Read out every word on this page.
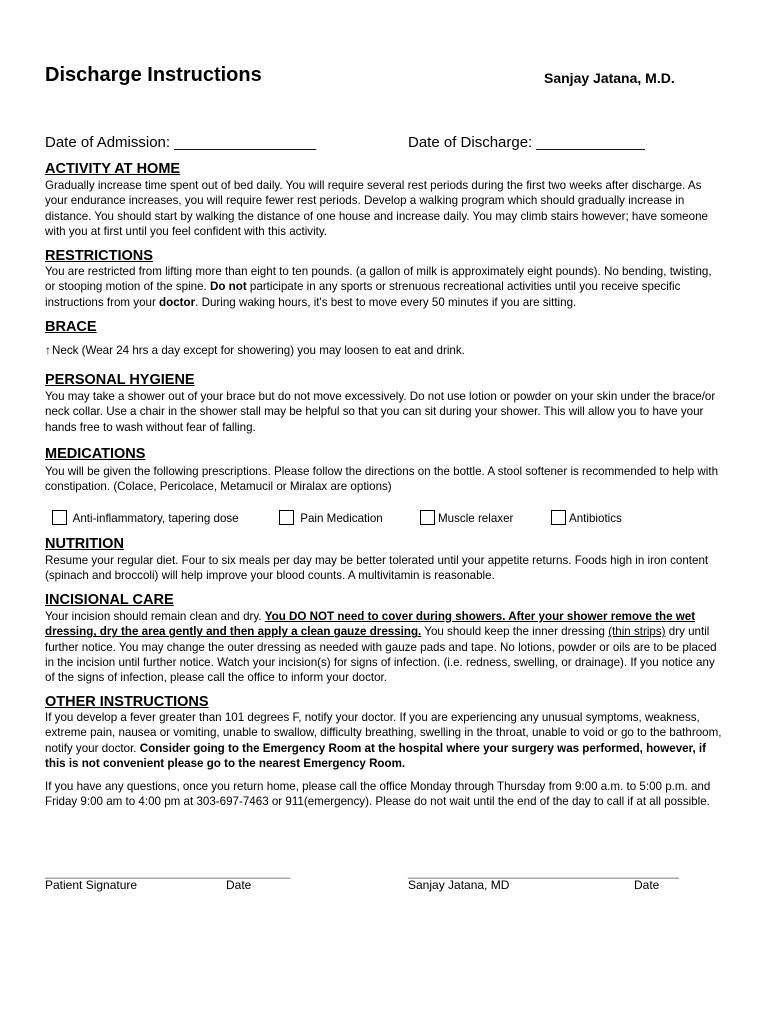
Discharge Instructions	Sanjay Jatana, M.D.
Date of Admission: _________________	Date of Discharge: _____________
ACTIVITY AT HOME
Gradually increase time spent out of bed daily. You will require several rest periods during the first two weeks after discharge. As your endurance increases, you will require fewer rest periods. Develop a walking program which should gradually increase in distance. You should start by walking the distance of one house and increase daily. You may climb stairs however; have someone with you at first until you feel confident with this activity.
RESTRICTIONS
You are restricted from lifting more than eight to ten pounds. (a gallon of milk is approximately eight pounds). No bending, twisting, or stooping motion of the spine. Do not participate in any sports or strenuous recreational activities until you receive specific instructions from your doctor. During waking hours, it's best to move every 50 minutes if you are sitting.
BRACE
↑Neck (Wear 24 hrs a day except for showering) you may loosen to eat and drink.
PERSONAL HYGIENE
You may take a shower out of your brace but do not move excessively. Do not use lotion or powder on your skin under the brace/or neck collar. Use a chair in the shower stall may be helpful so that you can sit during your shower. This will allow you to have your hands free to wash without fear of falling.
MEDICATIONS
You will be given the following prescriptions. Please follow the directions on the bottle. A stool softener is recommended to help with constipation. (Colace, Pericolace, Metamucil or Miralax are options)
Anti-inflammatory, tapering dose	Pain Medication	Muscle relaxer	Antibiotics
NUTRITION
Resume your regular diet. Four to six meals per day may be better tolerated until your appetite returns. Foods high in iron content (spinach and broccoli) will help improve your blood counts. A multivitamin is reasonable.
INCISIONAL CARE
Your incision should remain clean and dry. You DO NOT need to cover during showers. After your shower remove the wet dressing, dry the area gently and then apply a clean gauze dressing. You should keep the inner dressing (thin strips) dry until further notice. You may change the outer dressing as needed with gauze pads and tape. No lotions, powder or oils are to be placed in the incision until further notice. Watch your incision(s) for signs of infection. (i.e. redness, swelling, or drainage). If you notice any of the signs of infection, please call the office to inform your doctor.
OTHER INSTRUCTIONS
If you develop a fever greater than 101 degrees F, notify your doctor. If you are experiencing any unusual symptoms, weakness, extreme pain, nausea or vomiting, unable to swallow, difficulty breathing, swelling in the throat, unable to void or go to the bathroom, notify your doctor. Consider going to the Emergency Room at the hospital where your surgery was performed, however, if this is not convenient please go to the nearest Emergency Room.
If you have any questions, once you return home, please call the office Monday through Thursday from 9:00 a.m. to 5:00 p.m. and Friday 9:00 am to 4:00 pm at 303-697-7463 or 911(emergency). Please do not wait until the end of the day to call if at all possible.
______________________________________	__________________________________________
Patient Signature	Date	Sanjay Jatana, MD	Date
